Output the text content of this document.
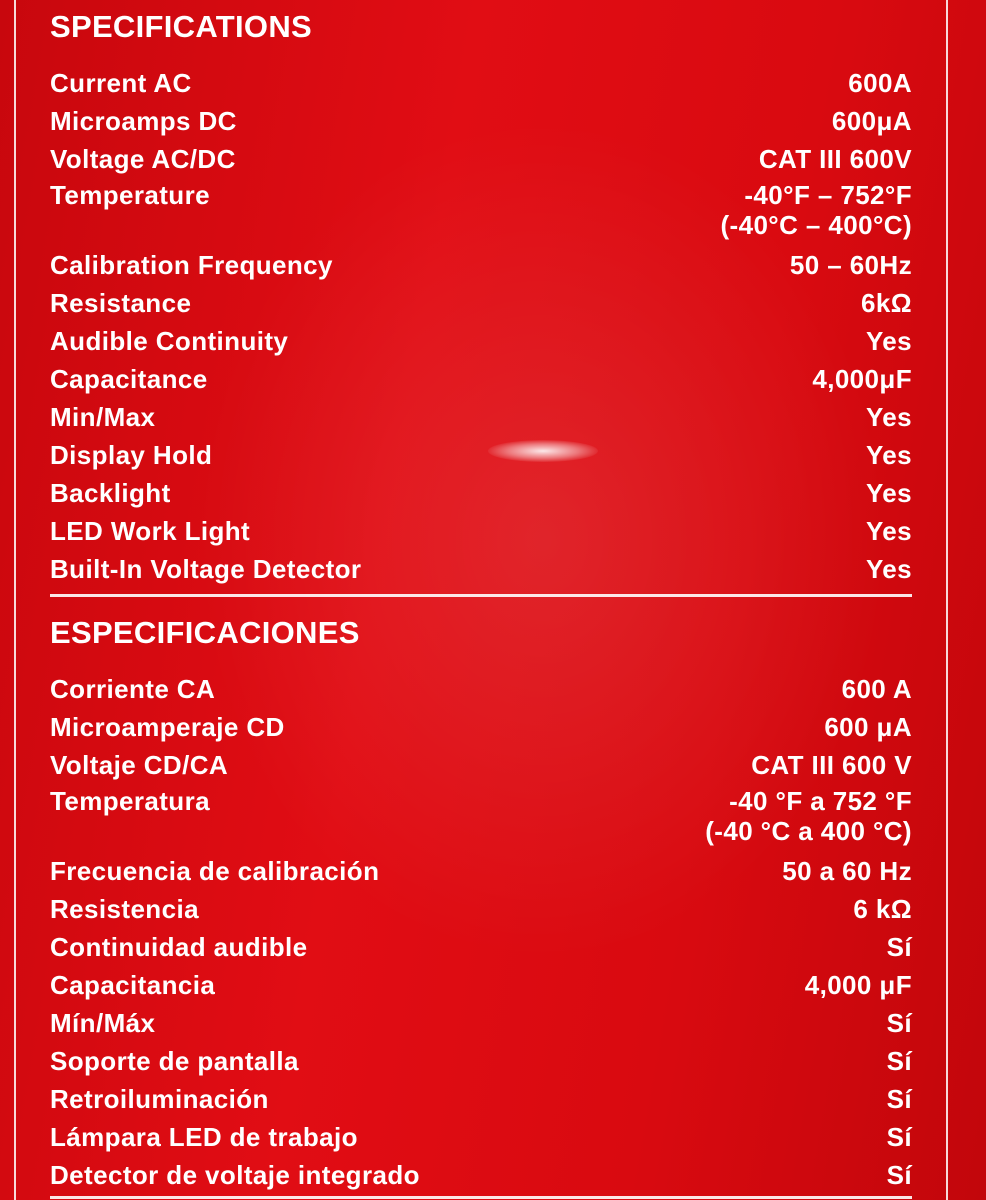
SPECIFICATIONS
Current AC	600A
Microamps DC	600μA
Voltage AC/DC	CAT III 600V
Temperature	-40°F – 752°F
(-40°C – 400°C)
Calibration Frequency	50 – 60Hz
Resistance	6kΩ
Audible Continuity	Yes
Capacitance	4,000μF
Min/Max	Yes
Display Hold	Yes
Backlight	Yes
LED Work Light	Yes
Built-In Voltage Detector	Yes
ESPECIFICACIONES
Corriente CA	600 A
Microamperaje CD	600 μA
Voltaje CD/CA	CAT III 600 V
Temperatura	-40 °F a 752 °F
(-40 °C a 400 °C)
Frecuencia de calibración	50 a 60 Hz
Resistencia	6 kΩ
Continuidad audible	Sí
Capacitancia	4,000 μF
Mín/Máx	Sí
Soporte de pantalla	Sí
Retroiluminación	Sí
Lámpara LED de trabajo	Sí
Detector de voltaje integrado	Sí
